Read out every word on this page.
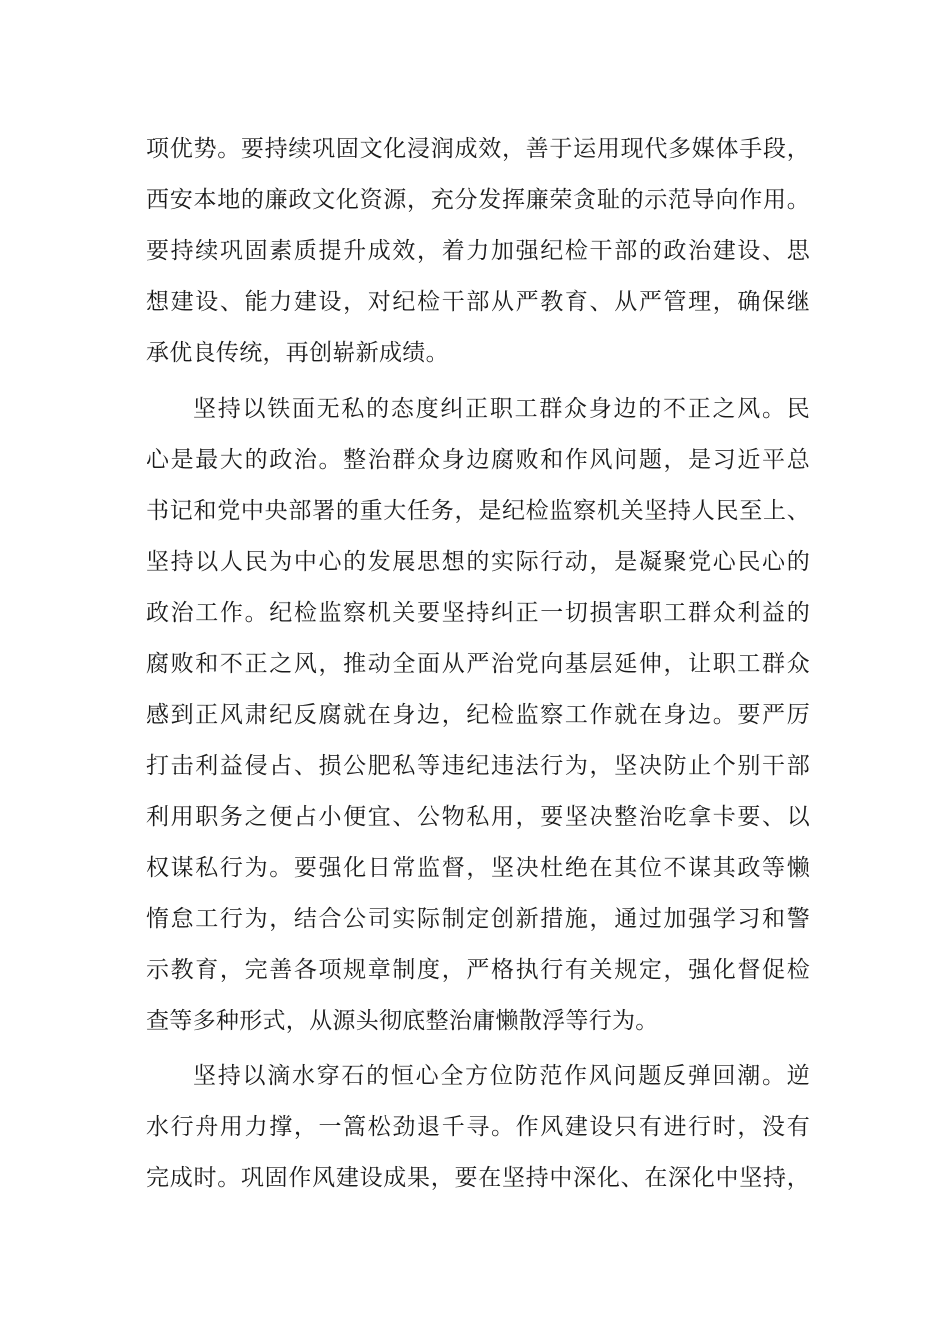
项优势。要持续巩固文化浸润成效，善于运用现代多媒体手段，
西安本地的廉政文化资源，充分发挥廉荣贪耻的示范导向作用。
要持续巩固素质提升成效，着力加强纪检干部的政治建设、思
想建设、能力建设，对纪检干部从严教育、从严管理，确保继
承优良传统，再创崭新成绩。
坚持以铁面无私的态度纠正职工群众身边的不正之风。民
心是最大的政治。整治群众身边腐败和作风问题，是习近平总
书记和党中央部署的重大任务，是纪检监察机关坚持人民至上、
坚持以人民为中心的发展思想的实际行动，是凝聚党心民心的
政治工作。纪检监察机关要坚持纠正一切损害职工群众利益的
腐败和不正之风，推动全面从严治党向基层延伸，让职工群众
感到正风肃纪反腐就在身边，纪检监察工作就在身边。要严厉
打击利益侵占、损公肥私等违纪违法行为，坚决防止个别干部
利用职务之便占小便宜、公物私用，要坚决整治吃拿卡要、以
权谋私行为。要强化日常监督，坚决杜绝在其位不谋其政等懒
惰怠工行为，结合公司实际制定创新措施，通过加强学习和警
示教育，完善各项规章制度，严格执行有关规定，强化督促检
查等多种形式，从源头彻底整治庸懒散浮等行为。
坚持以滴水穿石的恒心全方位防范作风问题反弹回潮。逆
水行舟用力撑，一篙松劲退千寻。作风建设只有进行时，没有
完成时。巩固作风建设成果，要在坚持中深化、在深化中坚持，
